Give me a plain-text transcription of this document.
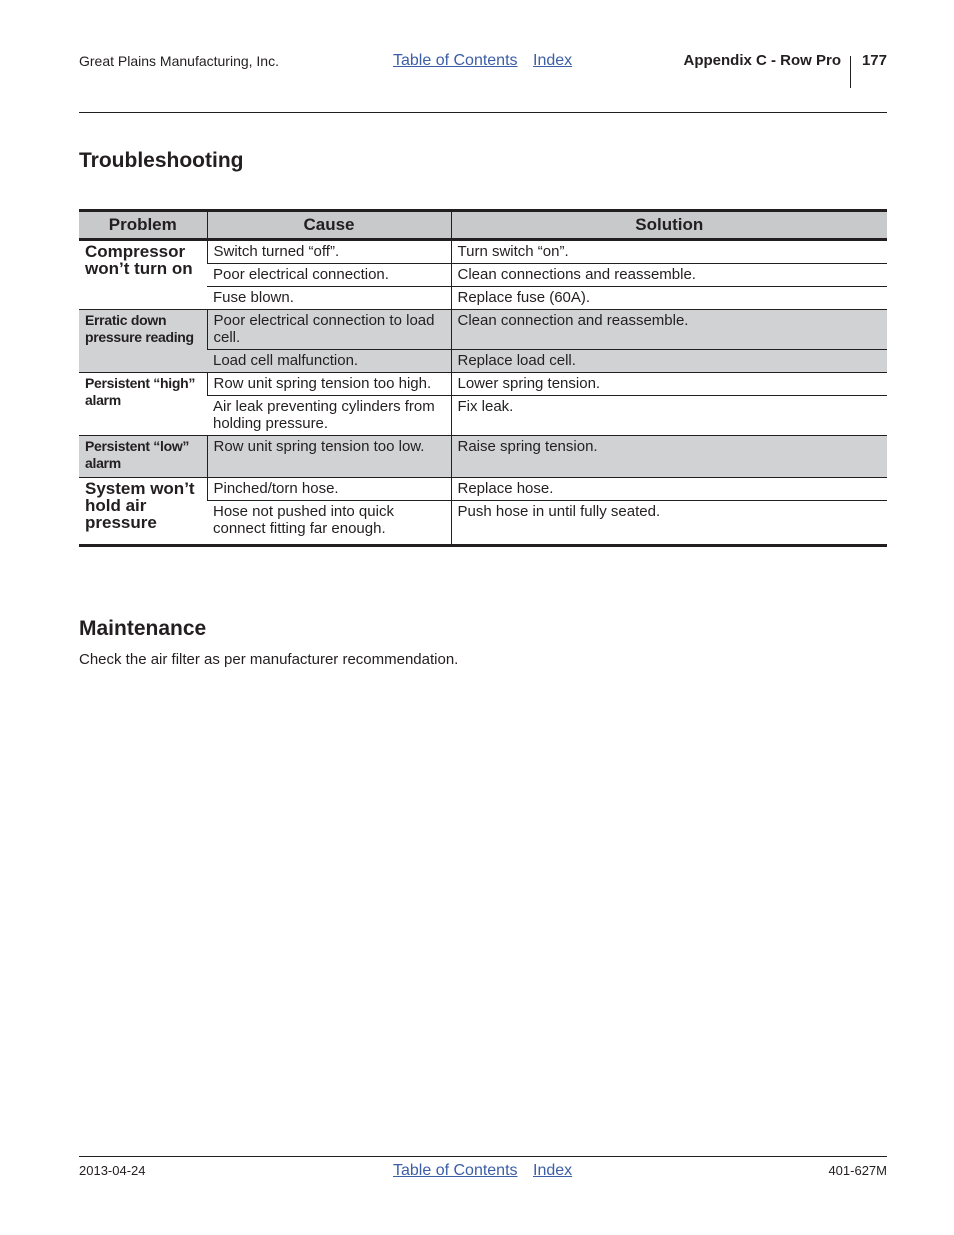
Great Plains Manufacturing, Inc.	Table of Contents Index	Appendix C - Row Pro 177
Troubleshooting
Problem	Cause	Solution
Compressor won’t turn on	Switch turned “off”.	Turn switch “on”.
	Poor electrical connection.	Clean connections and reassemble.
	Fuse blown.	Replace fuse (60A).
Erratic down pressure reading	Poor electrical connection to load cell.	Clean connection and reassemble.
	Load cell malfunction.	Replace load cell.
Persistent “high” alarm	Row unit spring tension too high.	Lower spring tension.
	Air leak preventing cylinders from holding pressure.	Fix leak.
Persistent “low” alarm	Row unit spring tension too low.	Raise spring tension.
System won’t hold air pressure	Pinched/torn hose.	Replace hose.
	Hose not pushed into quick connect fitting far enough.	Push hose in until fully seated.
Maintenance
Check the air filter as per manufacturer recommendation.
2013-04-24	Table of Contents Index	401-627M
